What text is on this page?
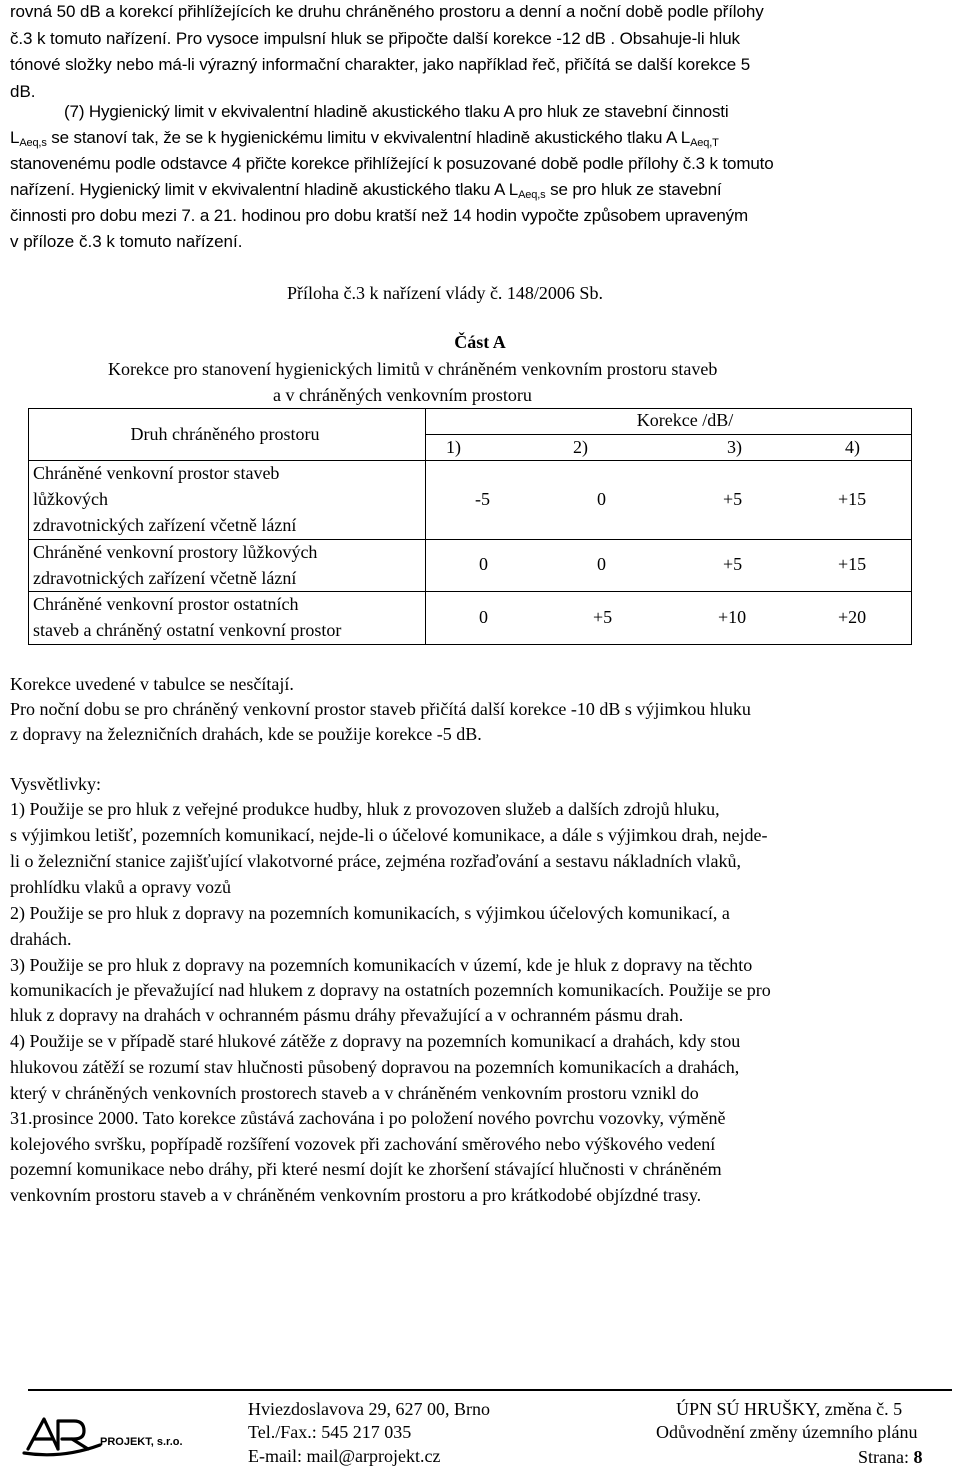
rovná 50 dB a korekcí přihlížejících ke druhu chráněného prostoru a denní a noční době podle přílohy
č.3 k tomuto nařízení. Pro vysoce impulsní hluk se připočte další korekce -12 dB . Obsahuje-li hluk
tónové složky nebo má-li výrazný informační charakter, jako například řeč, přičítá se další korekce 5
dB.
(7) Hygienický limit v ekvivalentní hladině akustického tlaku A pro hluk ze stavební činnosti
$L_{Aeq,s}$ se stanoví tak, že se k hygienickému limitu v ekvivalentní hladině akustického tlaku A $L_{Aeq,T}$
stanovenému podle odstavce 4 přičte korekce přihlížející k posuzované době podle přílohy č.3 k tomuto
nařízení. Hygienický limit v ekvivalentní hladině akustického tlaku A $L_{Aeq,s}$ se pro hluk ze stavební
činnosti pro dobu mezi 7. a 21. hodinou pro dobu kratší než 14 hodin vypočte způsobem upraveným
v příloze č.3 k tomuto nařízení.
Příloha č.3 k nařízení vlády č. 148/2006 Sb.
Část A
Korekce pro stanovení hygienických limitů v chráněném venkovním prostoru staveb
a v chráněných venkovním prostoru
Druh chráněného prostoru
Korekce /dB/
1)	2)	3)	4)
Chráněné venkovní prostor staveb
lůžkových
zdravotnických zařízení včetně lázní
-5	0	+5	+15
Chráněné venkovní prostory lůžkových
zdravotnických zařízení včetně lázní
0	0	+5	+15
Chráněné venkovní prostor ostatních
staveb a chráněný ostatní venkovní prostor
0	+5	+10	+20
Korekce uvedené v tabulce se nesčítají.
Pro noční dobu se pro chráněný venkovní prostor staveb přičítá další korekce -10 dB s výjimkou hluku
z dopravy na železničních drahách, kde se použije korekce -5 dB.
Vysvětlivky:
1) Použije se pro hluk z veřejné produkce hudby, hluk z provozoven služeb a dalších zdrojů hluku,
s výjimkou letišť, pozemních komunikací, nejde-li o účelové komunikace, a dále s výjimkou drah, nejde-
li o železniční stanice zajišťující vlakotvorné práce, zejména rozřaďování a sestavu nákladních vlaků,
prohlídku vlaků a opravy vozů
2) Použije se pro hluk z dopravy na pozemních komunikacích, s výjimkou účelových komunikací, a
drahách.
3) Použije se pro hluk z dopravy na pozemních komunikacích v území, kde je hluk z dopravy na těchto
komunikacích je převažující nad hlukem z dopravy na ostatních pozemních komunikacích. Použije se pro
hluk z dopravy na drahách v ochranném pásmu dráhy převažující a v ochranném pásmu drah.
4) Použije se v případě staré hlukové zátěže z dopravy na pozemních komunikací a drahách, kdy stou
hlukovou zátěží se rozumí stav hlučnosti působený dopravou na pozemních komunikacích a drahách,
který v chráněných venkovních prostorech staveb a v chráněném venkovním prostoru vznikl do
31.prosince 2000. Tato korekce zůstává zachována i po položení nového povrchu vozovky, výměně
kolejového svršku, popřípadě rozšíření vozovek při zachování směrového nebo výškového vedení
pozemní komunikace nebo dráhy, při které nesmí dojít ke zhoršení stávající hlučnosti v chráněném
venkovním prostoru staveb a v chráněném venkovním prostoru a pro krátkodobé objízdné trasy.
PROJEKT, s.r.o.
Hviezdoslavova 29, 627 00, Brno
Tel./Fax.: 545 217 035
E-mail: mail@arprojekt.cz
ÚPN SÚ HRUŠKY, změna č. 5
Odůvodnění změny územního plánu
Strana: 8
